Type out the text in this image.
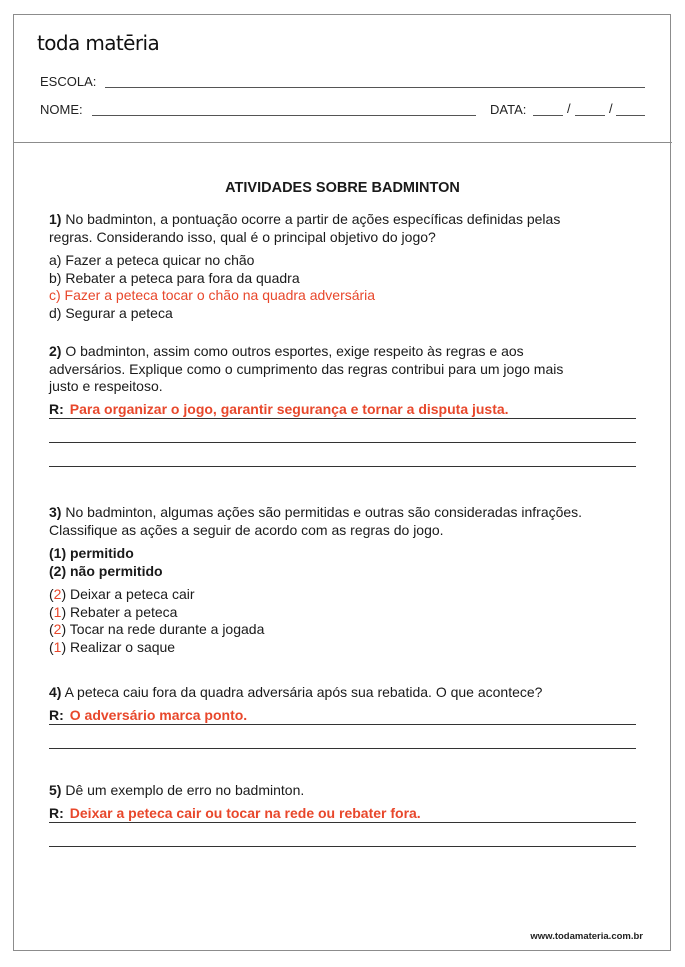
toda matēria
ESCOLA:
NOME:	DATA:	/	/
ATIVIDADES SOBRE BADMINTON
1) No badminton, a pontuação ocorre a partir de ações específicas definidas pelas
regras. Considerando isso, qual é o principal objetivo do jogo?
a) Fazer a peteca quicar no chão
b) Rebater a peteca para fora da quadra
c) Fazer a peteca tocar o chão na quadra adversária
d) Segurar a peteca
2) O badminton, assim como outros esportes, exige respeito às regras e aos
adversários. Explique como o cumprimento das regras contribui para um jogo mais
justo e respeitoso.
R: Para organizar o jogo, garantir segurança e tornar a disputa justa.
3) No badminton, algumas ações são permitidas e outras são consideradas infrações.
Classifique as ações a seguir de acordo com as regras do jogo.
(1) permitido
(2) não permitido
(2) Deixar a peteca cair
(1) Rebater a peteca
(2) Tocar na rede durante a jogada
(1) Realizar o saque
4) A peteca caiu fora da quadra adversária após sua rebatida. O que acontece?
R: O adversário marca ponto.
5) Dê um exemplo de erro no badminton.
R: Deixar a peteca cair ou tocar na rede ou rebater fora.
www.todamateria.com.br
